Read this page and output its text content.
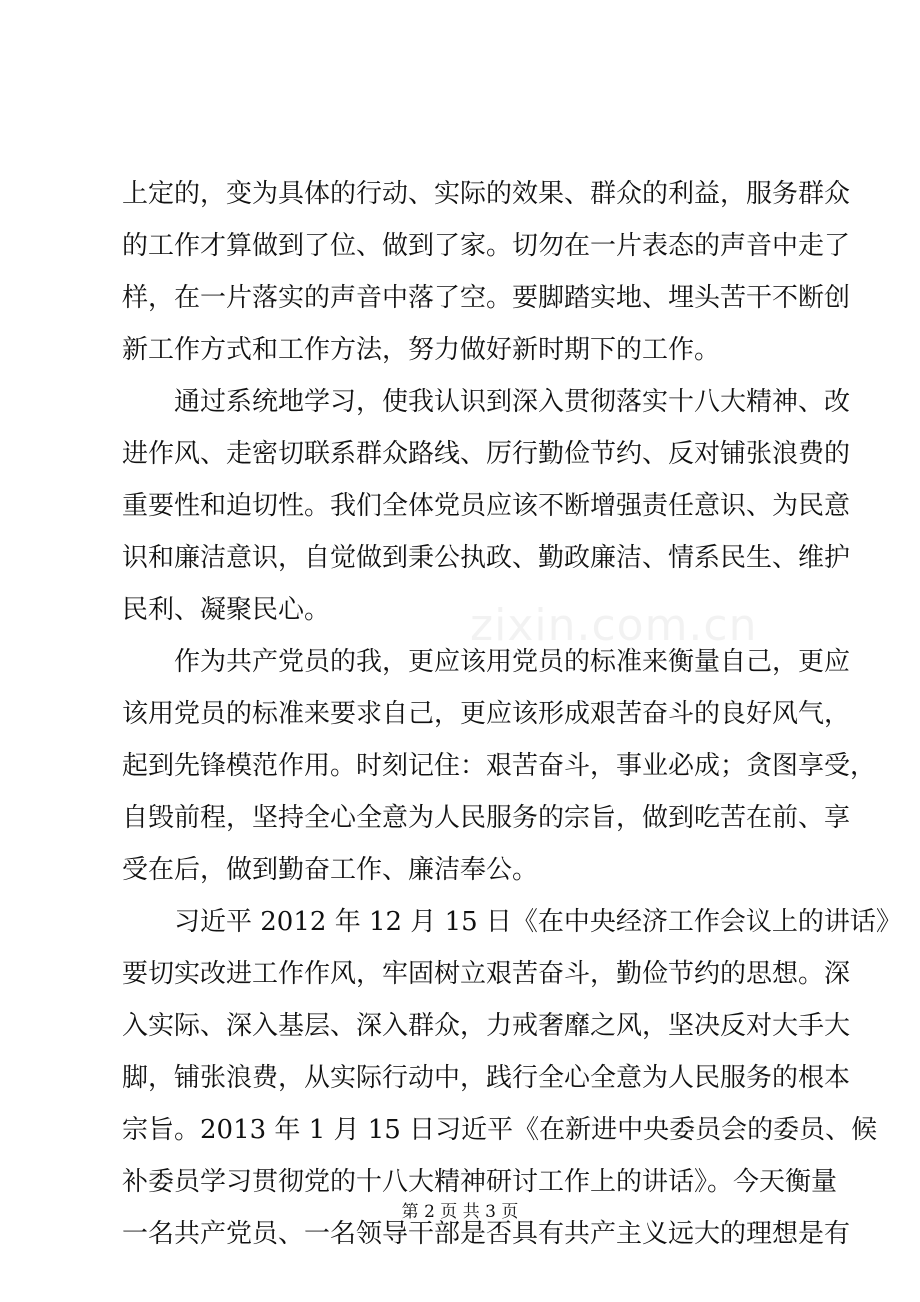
zixin.com.cn
上定的，变为具体的行动、实际的效果、群众的利益，服务群众
的工作才算做到了位、做到了家。切勿在一片表态的声音中走了
样，在一片落实的声音中落了空。要脚踏实地、埋头苦干不断创
新工作方式和工作方法，努力做好新时期下的工作。
通过系统地学习，使我认识到深入贯彻落实十八大精神、改
进作风、走密切联系群众路线、厉行勤俭节约、反对铺张浪费的
重要性和迫切性。我们全体党员应该不断增强责任意识、为民意
识和廉洁意识，自觉做到秉公执政、勤政廉洁、情系民生、维护
民利、凝聚民心。
作为共产党员的我，更应该用党员的标准来衡量自己，更应
该用党员的标准来要求自己，更应该形成艰苦奋斗的良好风气，
起到先锋模范作用。时刻记住：艰苦奋斗，事业必成；贪图享受，
自毁前程，坚持全心全意为人民服务的宗旨，做到吃苦在前、享
受在后，做到勤奋工作、廉洁奉公。
习近平 2012 年 12 月 15 日《在中央经济工作会议上的讲话》
要切实改进工作作风，牢固树立艰苦奋斗，勤俭节约的思想。深
入实际、深入基层、深入群众，力戒奢靡之风，坚决反对大手大
脚，铺张浪费，从实际行动中，践行全心全意为人民服务的根本
宗旨。2013 年 1 月 15 日习近平《在新进中央委员会的委员、候
补委员学习贯彻党的十八大精神研讨工作上的讲话》。今天衡量
一名共产党员、一名领导干部是否具有共产主义远大的理想是有
第 2 页 共 3 页
